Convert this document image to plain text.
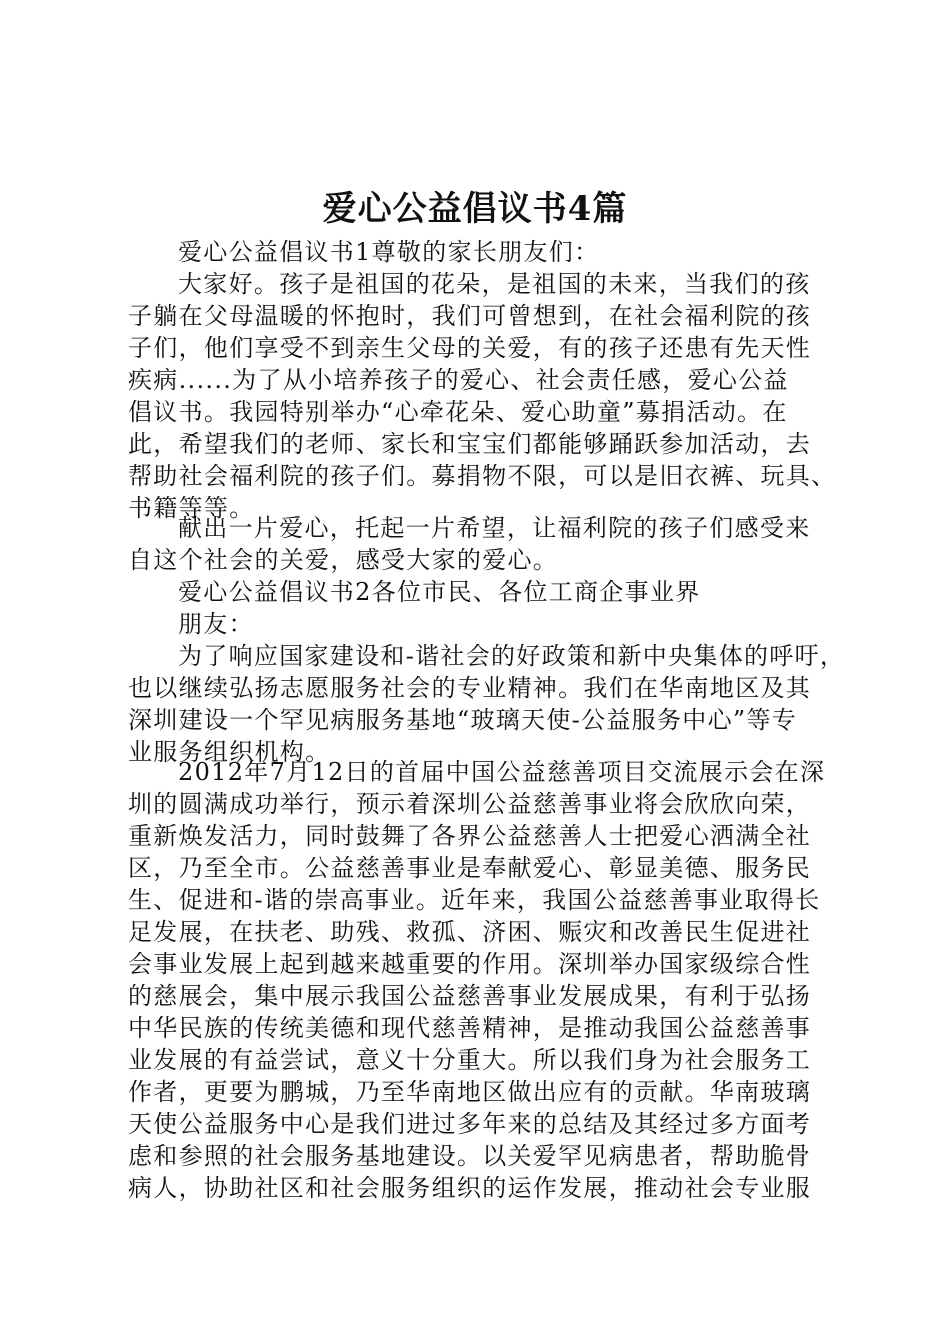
爱心公益倡议书4篇
爱心公益倡议书1尊敬的家长朋友们：
大家好。孩子是祖国的花朵，是祖国的未来，当我们的孩
子躺在父母温暖的怀抱时，我们可曾想到，在社会福利院的孩
子们，他们享受不到亲生父母的关爱，有的孩子还患有先天性
疾病......为了从小培养孩子的爱心、社会责任感，爱心公益
倡议书。我园特别举办“心牵花朵、爱心助童”募捐活动。在
此，希望我们的老师、家长和宝宝们都能够踊跃参加活动，去
帮助社会福利院的孩子们。募捐物不限，可以是旧衣裤、玩具、
书籍等等。
献出一片爱心，托起一片希望，让福利院的孩子们感受来
自这个社会的关爱，感受大家的爱心。
爱心公益倡议书2各位市民、各位工商企事业界
朋友：
为了响应国家建设和-谐社会的好政策和新中央集体的呼吁，
也以继续弘扬志愿服务社会的专业精神。我们在华南地区及其
深圳建设一个罕见病服务基地“玻璃天使-公益服务中心”等专
业服务组织机构。
2012年7月12日的首届中国公益慈善项目交流展示会在深
圳的圆满成功举行，预示着深圳公益慈善事业将会欣欣向荣，
重新焕发活力，同时鼓舞了各界公益慈善人士把爱心洒满全社
区，乃至全市。公益慈善事业是奉献爱心、彰显美德、服务民
生、促进和-谐的崇高事业。近年来，我国公益慈善事业取得长
足发展，在扶老、助残、救孤、济困、赈灾和改善民生促进社
会事业发展上起到越来越重要的作用。深圳举办国家级综合性
的慈展会，集中展示我国公益慈善事业发展成果，有利于弘扬
中华民族的传统美德和现代慈善精神，是推动我国公益慈善事
业发展的有益尝试，意义十分重大。所以我们身为社会服务工
作者，更要为鹏城，乃至华南地区做出应有的贡献。华南玻璃
天使公益服务中心是我们进过多年来的总结及其经过多方面考
虑和参照的社会服务基地建设。以关爱罕见病患者，帮助脆骨
病人，协助社区和社会服务组织的运作发展，推动社会专业服
